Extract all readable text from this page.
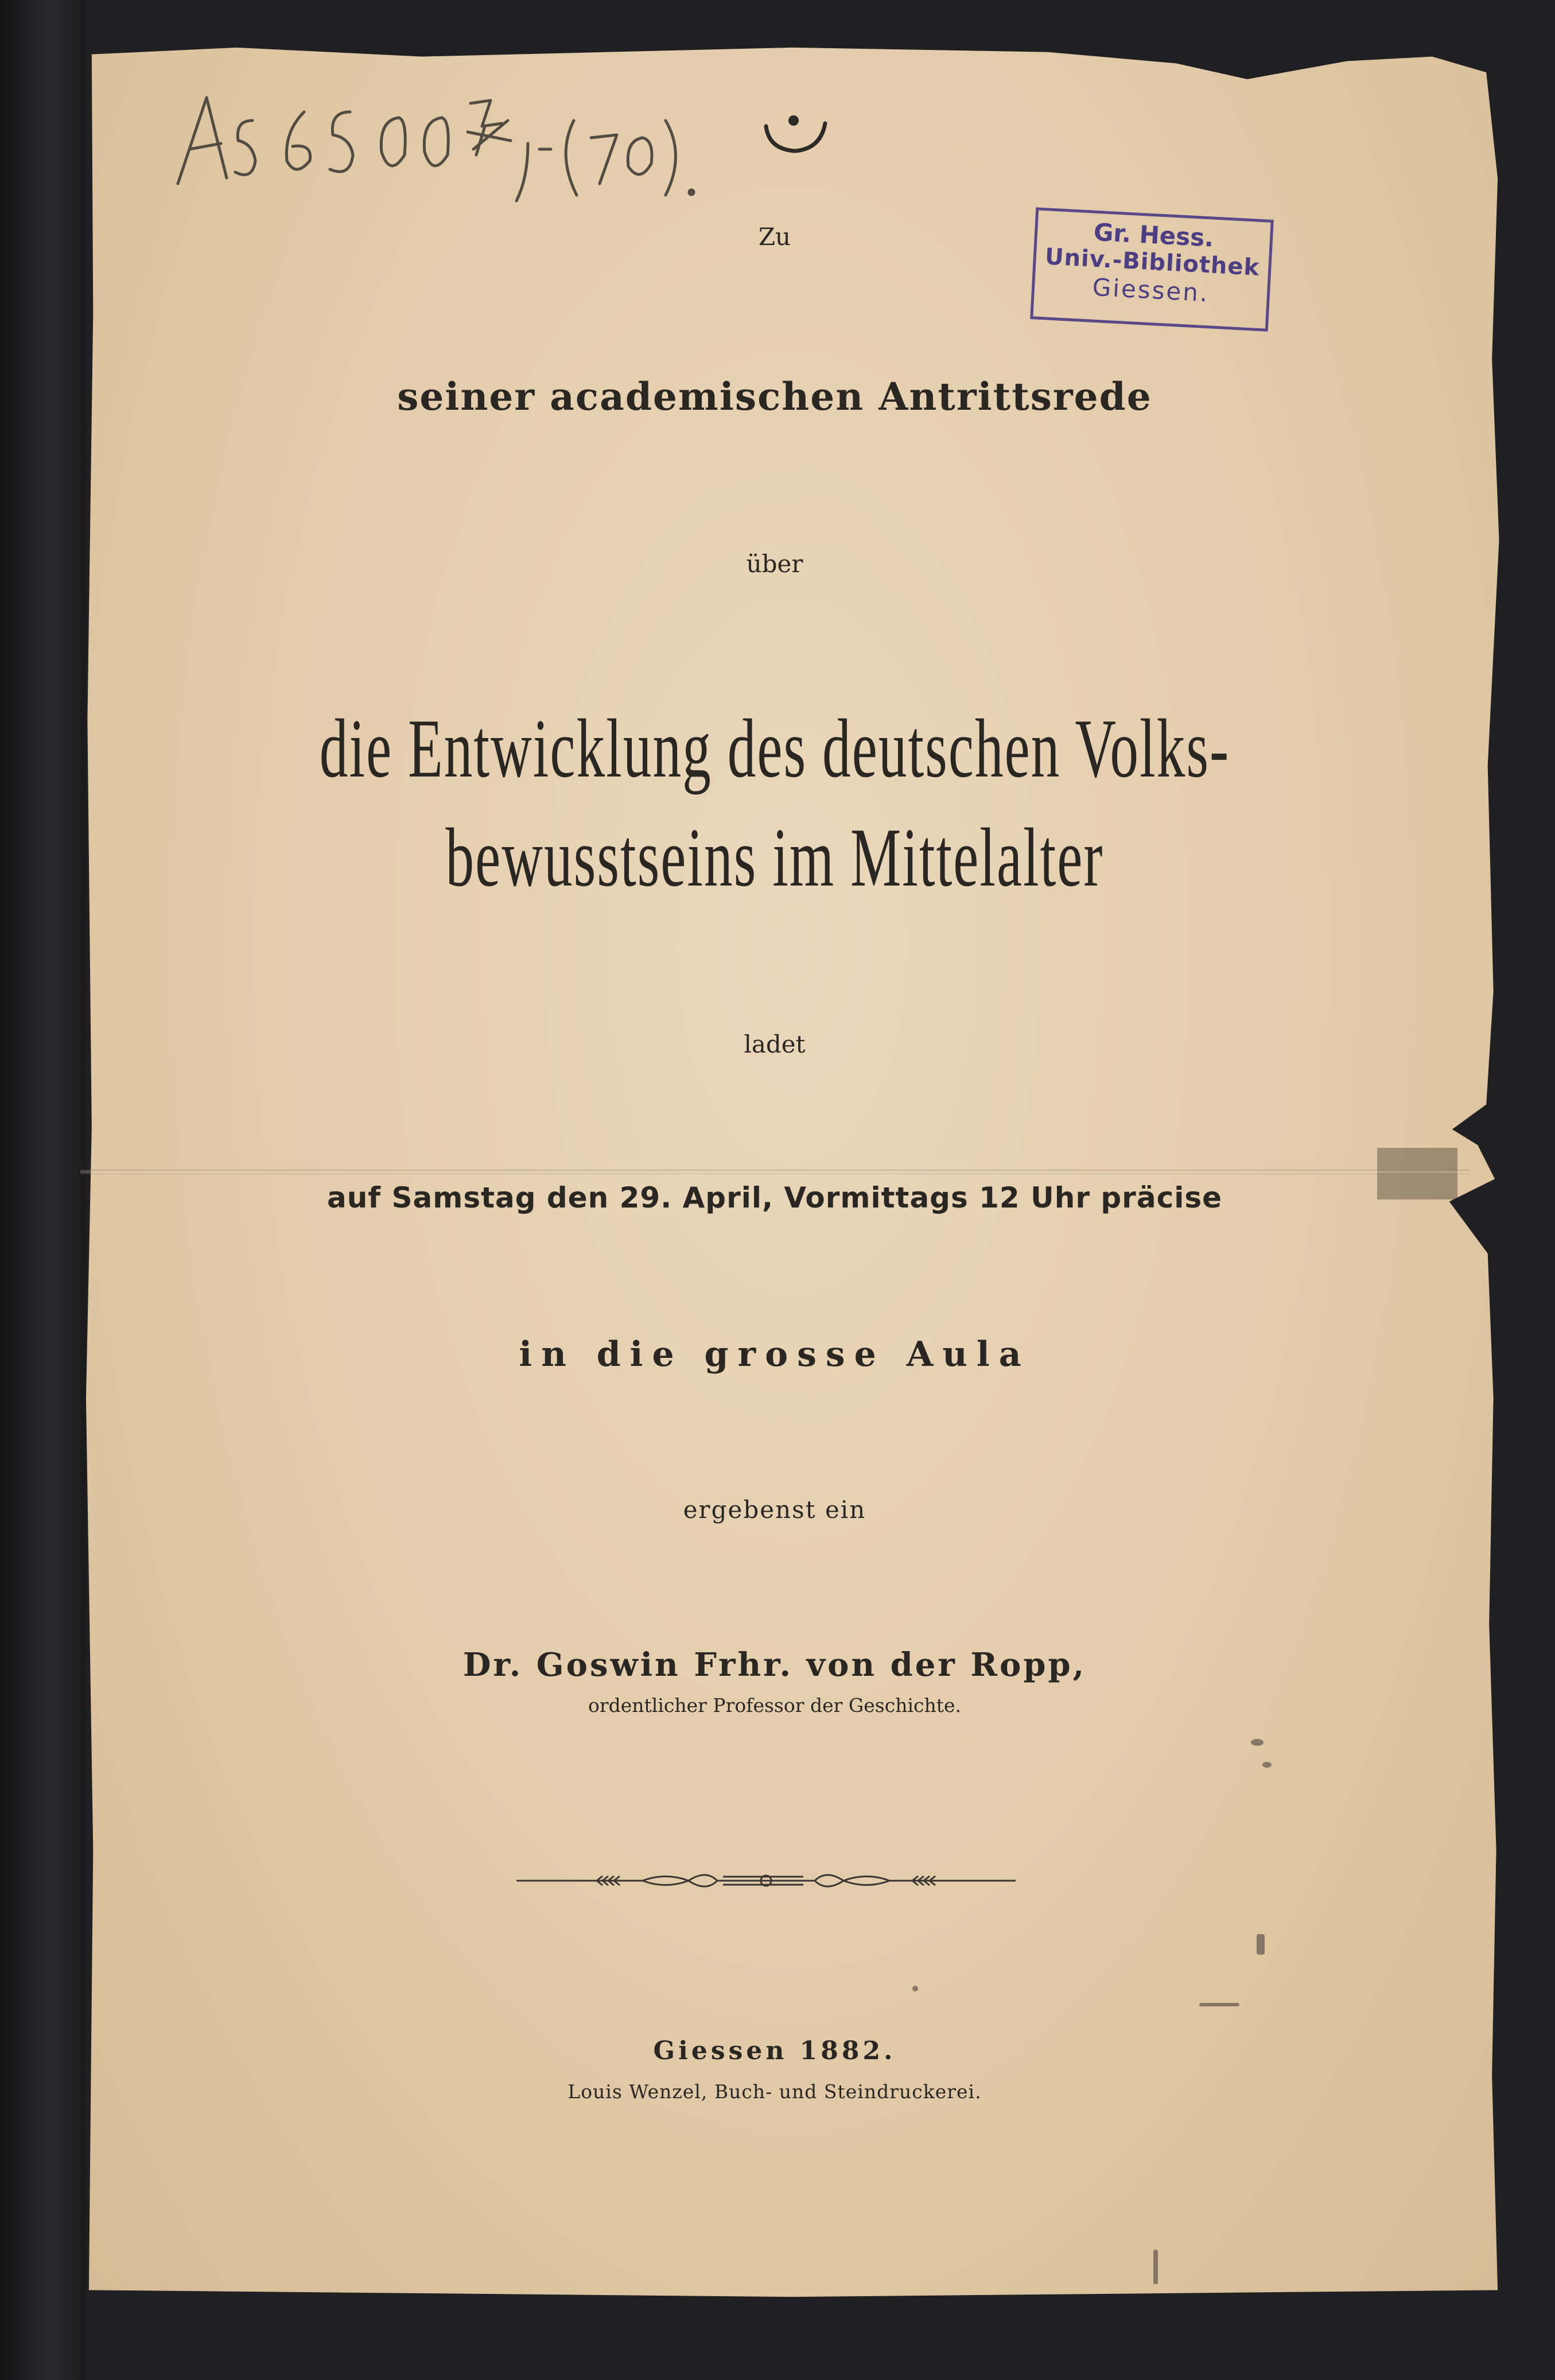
Gr. Hess.
Univ.-Bibliothek
Giessen.
Zu
seiner academischen Antrittsrede
über
die Entwicklung des deutschen Volks-
bewusstseins im Mittelalter
ladet
auf Samstag den 29. April, Vormittags 12 Uhr präcise
in die grosse Aula
ergebenst ein
Dr. Goswin Frhr. von der Ropp,
ordentlicher Professor der Geschichte.
Giessen 1882.
Louis Wenzel, Buch- und Steindruckerei.
